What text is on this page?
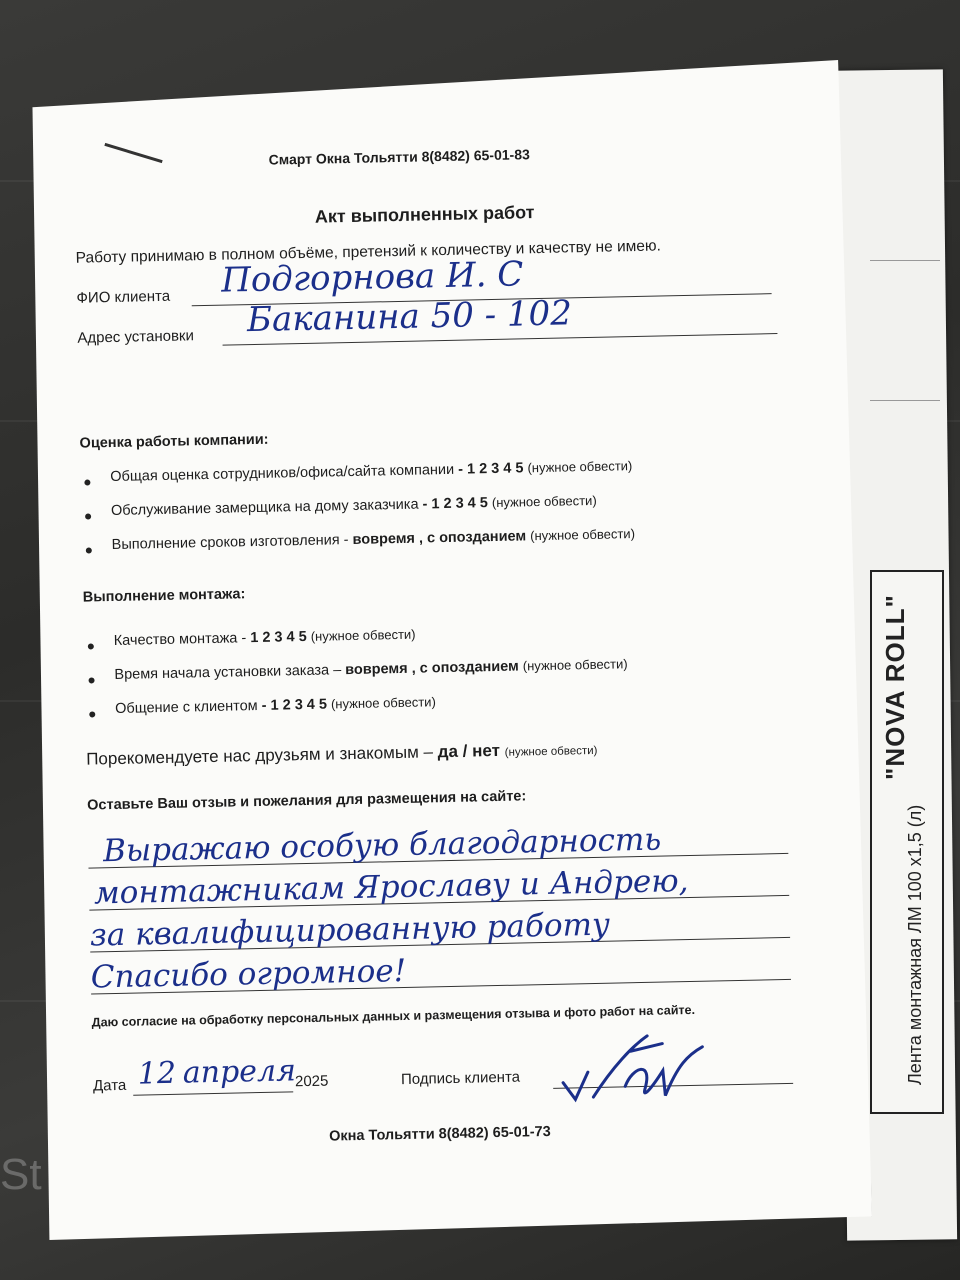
"NOVA ROLL"
Лента монтажная ЛМ 100 x1,5 (л)
St
Смарт Окна Тольятти 8(8482) 65-01-83
Акт выполненных работ
Работу принимаю в полном объёме, претензий к количеству и качеству не имею.
ФИО клиента Подгорнова И. С
Адрес установки Баканина 50 - 102
Оценка работы компании:
Общая оценка сотрудников/офиса/сайта компании - 1 2 3 4 5 (нужное обвести)
Обслуживание замерщика на дому заказчика - 1 2 3 4 5 (нужное обвести)
Выполнение сроков изготовления - вовремя , с опозданием (нужное обвести)
Выполнение монтажа:
Качество монтажа - 1 2 3 4 5 (нужное обвести)
Время начала установки заказа – вовремя , с опозданием (нужное обвести)
Общение с клиентом - 1 2 3 4 5 (нужное обвести)
Порекомендуете нас друзьям и знакомым – да / нет (нужное обвести)
Оставьте Ваш отзыв и пожелания для размещения на сайте:
Выражаю особую благодарность
монтажникам Ярославу и Андрею,
за квалифицированную работу
Спасибо огромное!
Даю согласие на обработку персональных данных и размещения отзыва и фото работ на сайте.
Дата 12 апреля
2025	Подпись клиента
Окна Тольятти 8(8482) 65-01-73
